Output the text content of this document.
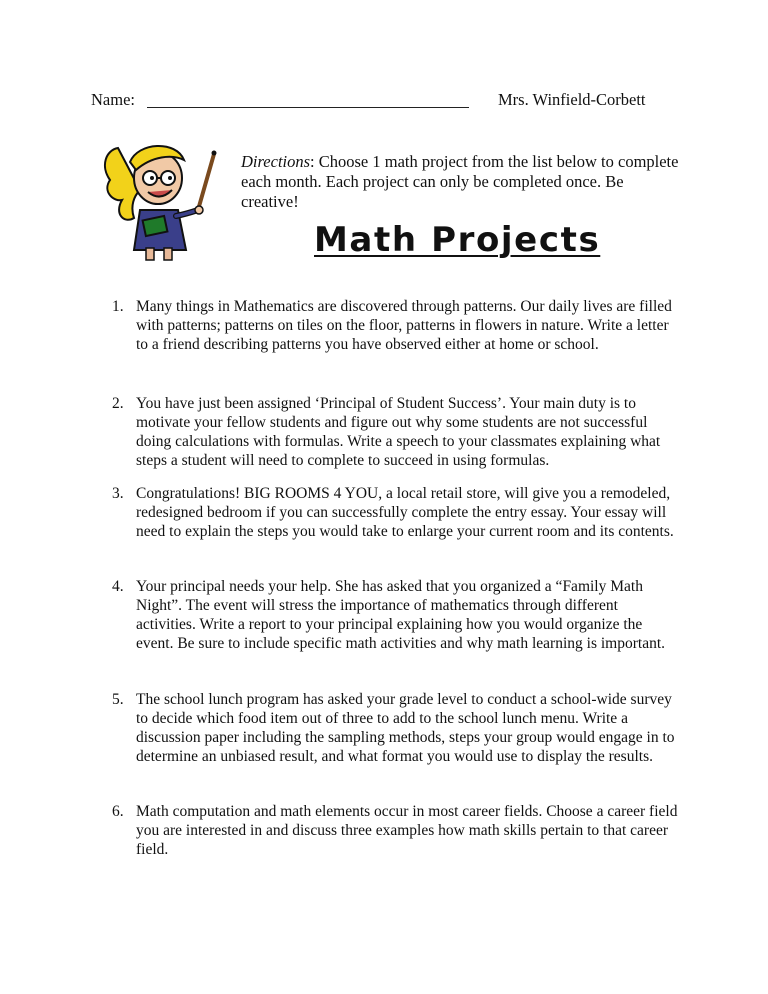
Name:	Mrs. Winfield-Corbett
Directions: Choose 1 math project from the list below to complete each month. Each project can only be completed once. Be creative!
Math Projects
1. Many things in Mathematics are discovered through patterns. Our daily lives are filled with patterns; patterns on tiles on the floor, patterns in flowers in nature. Write a letter to a friend describing patterns you have observed either at home or school.
2. You have just been assigned ‘Principal of Student Success’. Your main duty is to motivate your fellow students and figure out why some students are not successful doing calculations with formulas. Write a speech to your classmates explaining what steps a student will need to complete to succeed in using formulas.
3. Congratulations! BIG ROOMS 4 YOU, a local retail store, will give you a remodeled, redesigned bedroom if you can successfully complete the entry essay. Your essay will need to explain the steps you would take to enlarge your current room and its contents.
4. Your principal needs your help. She has asked that you organized a “Family Math Night”. The event will stress the importance of mathematics through different activities. Write a report to your principal explaining how you would organize the event. Be sure to include specific math activities and why math learning is important.
5. The school lunch program has asked your grade level to conduct a school-wide survey to decide which food item out of three to add to the school lunch menu. Write a discussion paper including the sampling methods, steps your group would engage in to determine an unbiased result, and what format you would use to display the results.
6. Math computation and math elements occur in most career fields. Choose a career field you are interested in and discuss three examples how math skills pertain to that career field.
